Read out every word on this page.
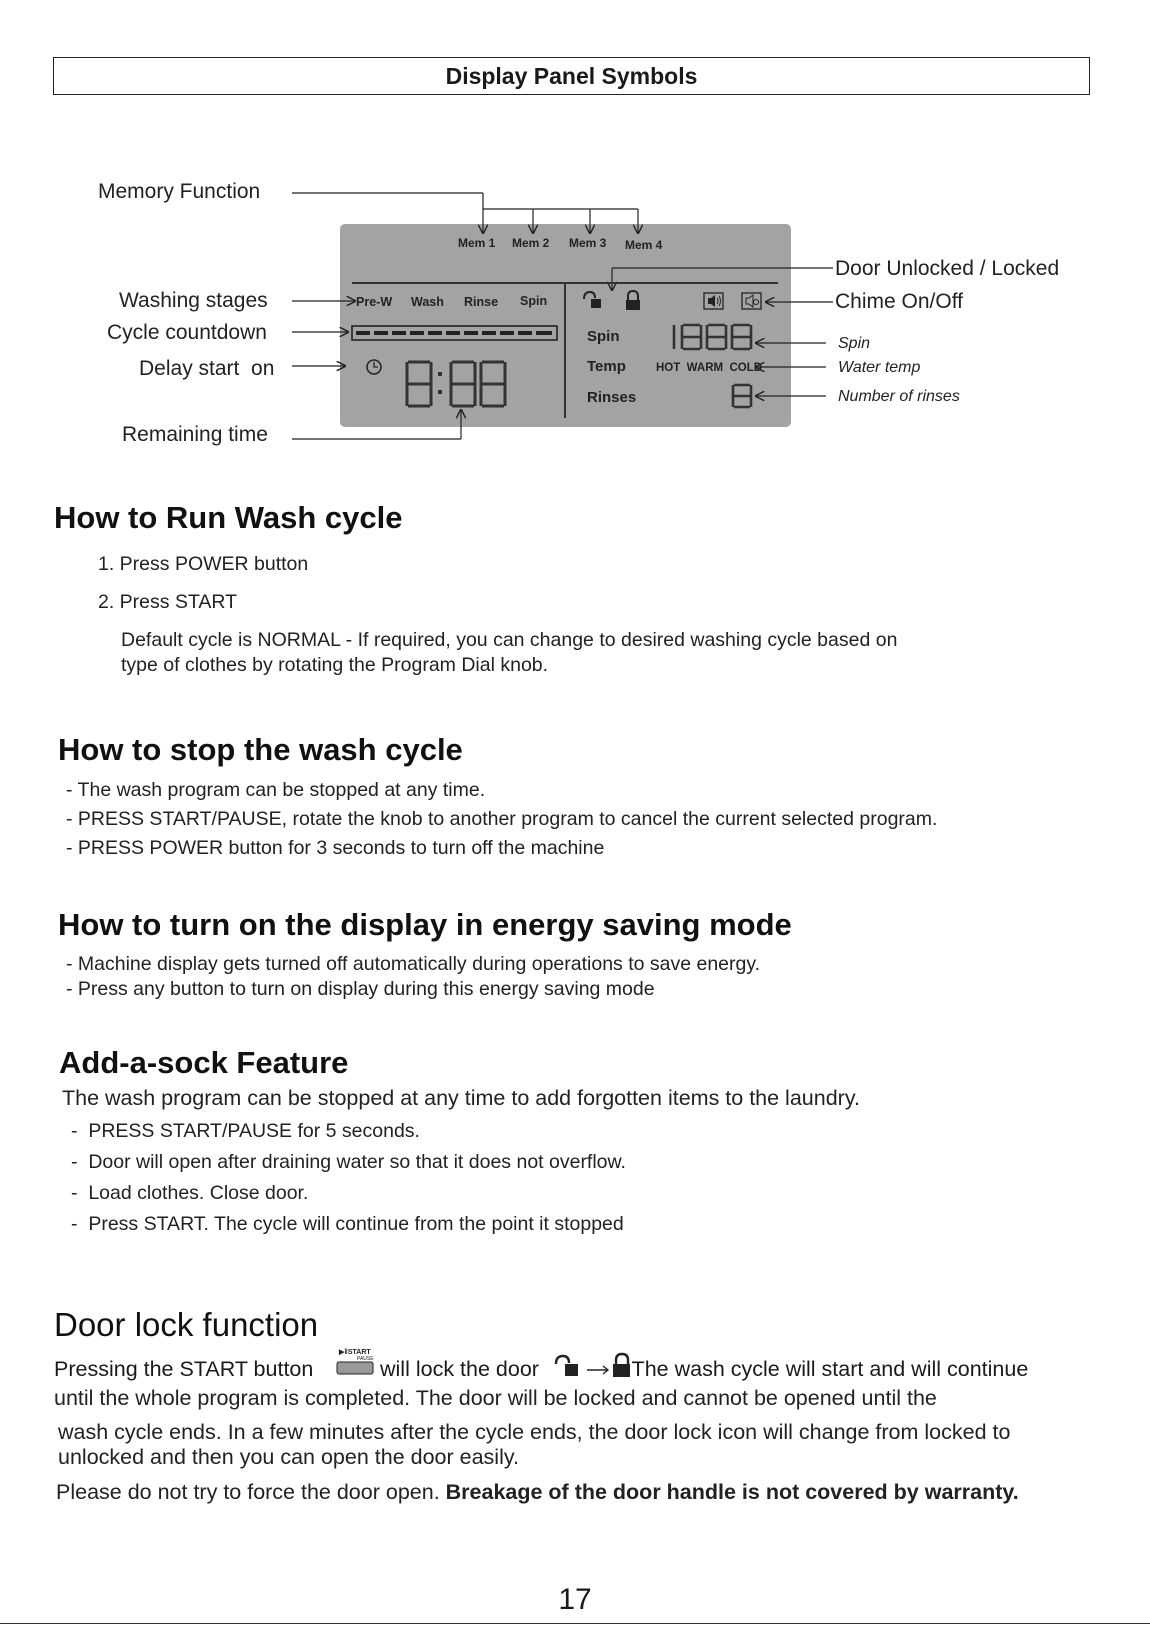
Display Panel Symbols
Mem 1 Mem 2 Mem 3 Mem 4
Pre-W Wash Rinse Spin
Spin
Temp
Rinses
HOT  WARM  COLD
Memory Function
Washing stages
Cycle countdown
Delay start  on
Remaining time
Door Unlocked / Locked
Chime On/Off
Spin
Water temp
Number of rinses
How to Run Wash cycle
1. Press POWER button
2. Press START
Default cycle is NORMAL - If required, you can change to desired washing cycle based on
type of clothes by rotating the Program Dial knob.
How to stop the wash cycle
- The wash program can be stopped at any time.
- PRESS START/PAUSE, rotate the knob to another program to cancel the current selected program.
- PRESS POWER button for 3 seconds to turn off the machine
How to turn on the display in energy saving mode
- Machine display gets turned off automatically during operations to save energy.
- Press any button to turn on display during this energy saving mode
Add-a-sock Feature
The wash program can be stopped at any time to add forgotten items to the laundry.
-  PRESS START/PAUSE for 5 seconds.
-  Door will open after draining water so that it does not overflow.
-  Load clothes. Close door.
-  Press START. The cycle will continue from the point it stopped
Door lock function
Pressing the START button
▶‖START
PAUSE will lock the door	. The wash cycle will start and will continue
until the whole program is completed. The door will be locked and cannot be opened until the
wash cycle ends. In a few minutes after the cycle ends, the door lock icon will change from locked to
unlocked and then you can open the door easily.
Please do not try to force the door open. Breakage of the door handle is not covered by warranty.
17
